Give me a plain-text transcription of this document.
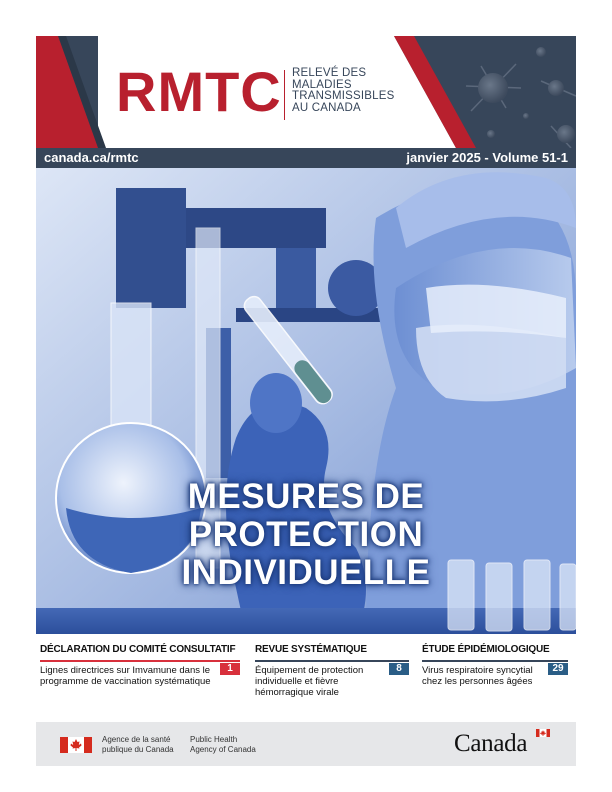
RMTC RELEVÉ DES
MALADIES
TRANSMISSIBLES
AU CANADA
canada.ca/rmtc	janvier 2025 - Volume 51-1
MESURES DE
PROTECTION
INDIVIDUELLE
DÉCLARATION DU COMITÉ CONSULTATIF
Lignes directrices sur Imvamune dans le programme de vaccination systématique
1
REVUE SYSTÉMATIQUE
Équipement de protection individuelle et fièvre hémorragique virale
8
ÉTUDE ÉPIDÉMIOLOGIQUE
Virus respiratoire syncytial chez les personnes âgées
29
Agence de la santé
publique du Canada
Public Health
Agency of Canada	Canada
